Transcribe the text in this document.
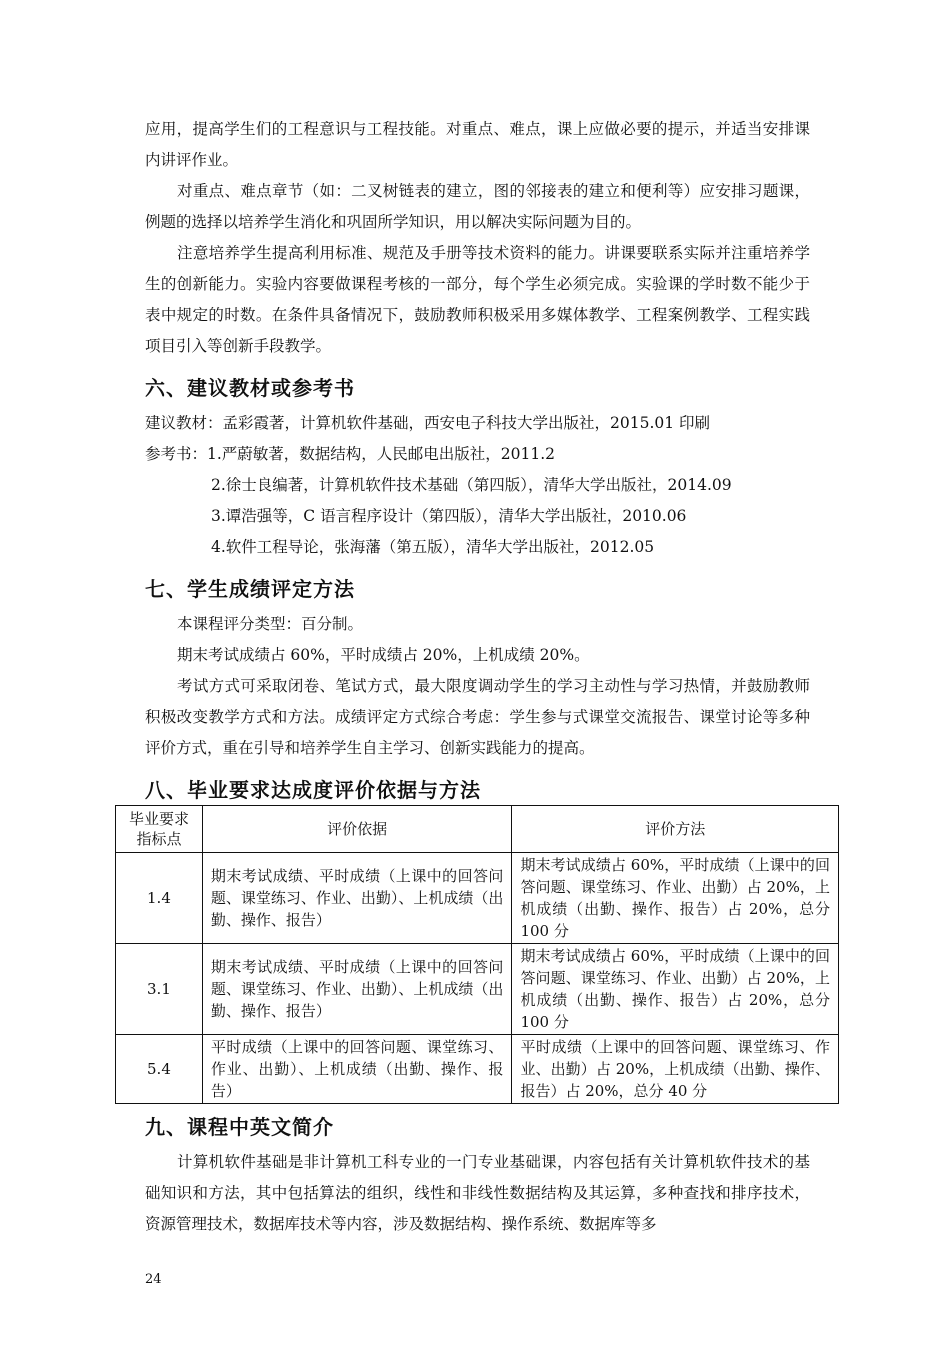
应用，提高学生们的工程意识与工程技能。对重点、难点，课上应做必要的提示，并适当安排课内讲评作业。

对重点、难点章节（如：二叉树链表的建立，图的邻接表的建立和便利等）应安排习题课，例题的选择以培养学生消化和巩固所学知识，用以解决实际问题为目的。

注意培养学生提高利用标准、规范及手册等技术资料的能力。讲课要联系实际并注重培养学生的创新能力。实验内容要做课程考核的一部分，每个学生必须完成。实验课的学时数不能少于表中规定的时数。在条件具备情况下，鼓励教师积极采用多媒体教学、工程案例教学、工程实践项目引入等创新手段教学。

六、建议教材或参考书

建议教材：孟彩霞著，计算机软件基础，西安电子科技大学出版社，2015.01 印刷

参考书：1.严蔚敏著，数据结构，人民邮电出版社，2011.2

2.徐士良编著，计算机软件技术基础（第四版），清华大学出版社，2014.09

3.谭浩强等，C 语言程序设计（第四版），清华大学出版社，2010.06

4.软件工程导论，张海藩（第五版），清华大学出版社，2012.05

七、学生成绩评定方法

本课程评分类型：百分制。

期末考试成绩占 60%，平时成绩占 20%，上机成绩 20%。

考试方式可采取闭卷、笔试方式，最大限度调动学生的学习主动性与学习热情，并鼓励教师积极改变教学方式和方法。成绩评定方式综合考虑：学生参与式课堂交流报告、课堂讨论等多种评价方式，重在引导和培养学生自主学习、创新实践能力的提高。

八、毕业要求达成度评价依据与方法
毕业要求
指标点	评价依据	评价方法
1.4	期末考试成绩、平时成绩（上课中的回答问题、课堂练习、作业、出勤）、上机成绩（出勤、操作、报告）	期末考试成绩占 60%，平时成绩（上课中的回答问题、课堂练习、作业、出勤）占 20%，上机成绩（出勤、操作、报告）占 20%，总分 100 分
3.1	期末考试成绩、平时成绩（上课中的回答问题、课堂练习、作业、出勤）、上机成绩（出勤、操作、报告）	期末考试成绩占 60%，平时成绩（上课中的回答问题、课堂练习、作业、出勤）占 20%，上机成绩（出勤、操作、报告）占 20%，总分 100 分
5.4	平时成绩（上课中的回答问题、课堂练习、作业、出勤）、上机成绩（出勤、操作、报告）	平时成绩（上课中的回答问题、课堂练习、作业、出勤）占 20%，上机成绩（出勤、操作、报告）占 20%，总分 40 分
九、课程中英文简介

计算机软件基础是非计算机工科专业的一门专业基础课，内容包括有关计算机软件技术的基础知识和方法，其中包括算法的组织，线性和非线性数据结构及其运算，多种查找和排序技术，资源管理技术，数据库技术等内容，涉及数据结构、操作系统、数据库等多

24
